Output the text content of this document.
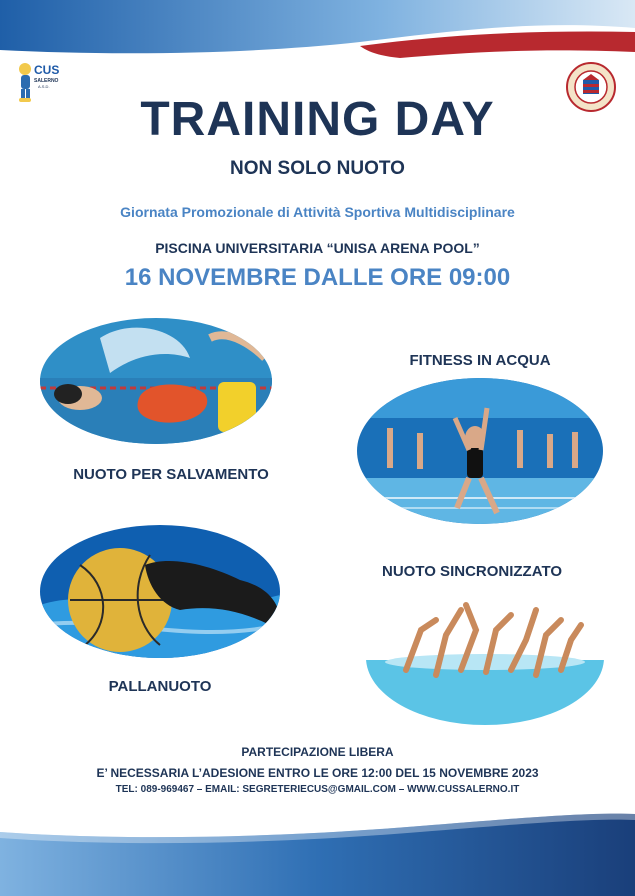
CUS
SALERNO
A.S.D.
TRAINING DAY
NON SOLO NUOTO
Giornata Promozionale di Attività Sportiva Multidisciplinare
PISCINA UNIVERSITARIA “UNISA ARENA POOL”
16 NOVEMBRE DALLE ORE 09:00
NUOTO PER SALVAMENTO
FITNESS IN ACQUA
PALLANUOTO
NUOTO SINCRONIZZATO
PARTECIPAZIONE LIBERA
E’ NECESSARIA L’ADESIONE ENTRO LE ORE 12:00 DEL 15 NOVEMBRE 2023
TEL: 089-969467 – EMAIL: SEGRETERIECUS@GMAIL.COM – WWW.CUSSALERNO.IT
